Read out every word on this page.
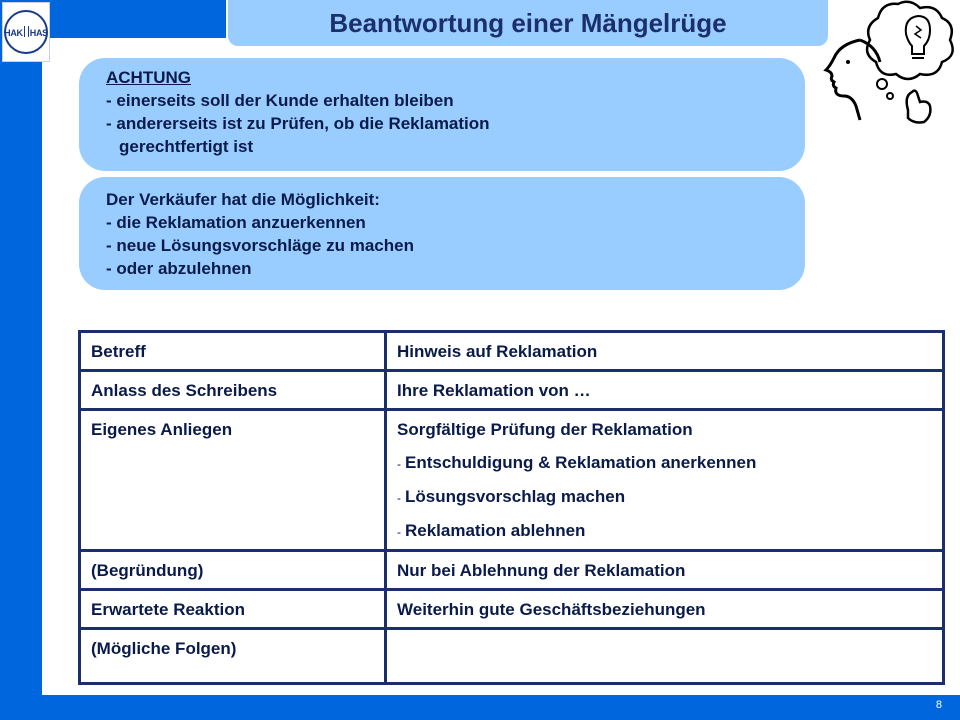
HAK HAS	Beantwortung einer Mängelrüge
ACHTUNG
- einerseits soll der Kunde erhalten bleiben
- andererseits ist zu Prüfen, ob die Reklamation
gerechtfertigt ist
Der Verkäufer hat die Möglichkeit:
- die Reklamation anzuerkennen
- neue Lösungsvorschläge zu machen
- oder abzulehnen
Betreff	Hinweis auf Reklamation
Anlass des Schreibens	Ihre Reklamation von …
Eigenes Anliegen	Sorgfältige Prüfung der Reklamation
- Entschuldigung & Reklamation anerkennen
- Lösungsvorschlag machen
- Reklamation ablehnen

(Begründung)	Nur bei Ablehnung der Reklamation
Erwartete Reaktion	Weiterhin gute Geschäftsbeziehungen
(Mögliche Folgen)	
8
